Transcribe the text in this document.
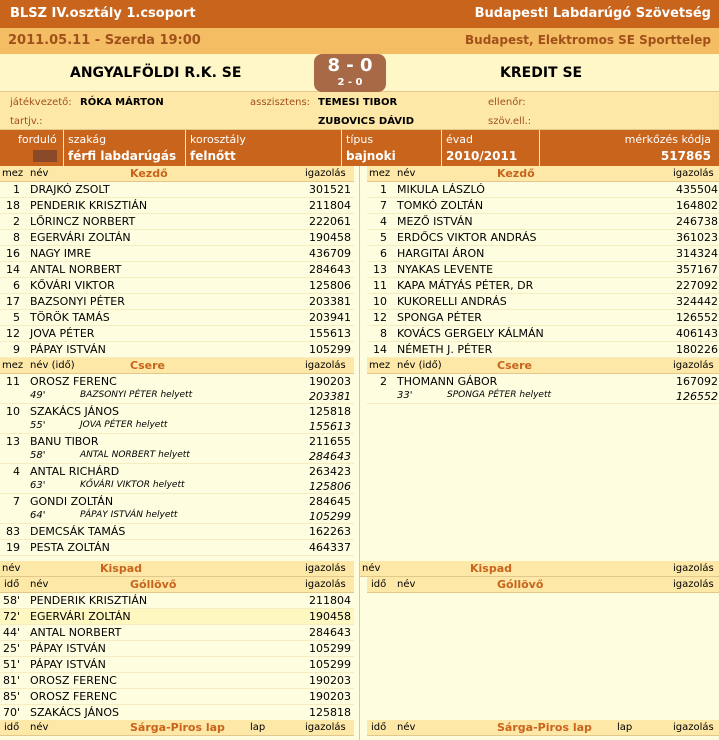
BLSZ IV.osztály 1.csoport	Budapesti Labdarúgó Szövetség
2011.05.11 - Szerda 19:00	Budapest, Elektromos SE Sporttelep
ANGYALFÖLDI R.K. SE	KREDIT SE
8 - 0
2 - 0
játékvezető: RÓKA MÁRTON	asszisztens: TEMESI TIBOR	ellenőr:
tartjv.:	ZUBOVICS DÁVID	szöv.ell.:
forduló szakág
férfi labdarúgás
korosztály
felnőtt
típus
bajnoki
évad
2010/2011
mérkőzés kódja
517865
mez név	Kezdő	igazolás
1 DRAJKÓ ZSOLT	301521
18 PENDERIK KRISZTIÁN	211804
2 LŐRINCZ NORBERT	222061
8 EGERVÁRI ZOLTÁN	190458
16 NAGY IMRE	436709
14 ANTAL NORBERT	284643
6 KŐVÁRI VIKTOR	125806
17 BAZSONYI PÉTER	203381
5 TÖRÖK TAMÁS	203941
12 JOVA PÉTER	155613
9 PÁPAY ISTVÁN	105299
mez név	Kezdő	igazolás
1 MIKULA LÁSZLÓ	435504
7 TOMKÓ ZOLTÁN	164802
4 MEZŐ ISTVÁN	246738
5 ERDŐCS VIKTOR ANDRÁS	361023
6 HARGITAI ÁRON	314324
13 NYAKAS LEVENTE	357167
11 KAPA MÁTYÁS PÉTER, DR	227092
10 KUKORELLI ANDRÁS	324442
12 SPONGA PÉTER	126552
8 KOVÁCS GERGELY KÁLMÁN	406143
14 NÉMETH J. PÉTER	180226
mez név (idő)	Csere	igazolás
11 OROSZ FERENC	190203
49'	BAZSONYI PÉTER helyett	203381
10 SZAKÁCS JÁNOS	125818
55'	JOVA PÉTER helyett	155613
13 BANU TIBOR	211655
58'	ANTAL NORBERT helyett	284643
4 ANTAL RICHÁRD	263423
63'	KŐVÁRI VIKTOR helyett	125806
7 GONDI ZOLTÁN	284645
64'	PÁPAY ISTVÁN helyett	105299
83 DEMCSÁK TAMÁS	162263
19 PESTA ZOLTÁN	464337
mez név (idő)	Csere	igazolás
2 THOMANN GÁBOR	167092
33'	SPONGA PÉTER helyett	126552
név	Kispad	igazolás név	Kispad	igazolás
idő név	Góllövő	igazolás
58' PENDERIK KRISZTIÁN	211804
72' EGERVÁRI ZOLTÁN	190458
44' ANTAL NORBERT	284643
25' PÁPAY ISTVÁN	105299
51' PÁPAY ISTVÁN	105299
81' OROSZ FERENC	190203
85' OROSZ FERENC	190203
70' SZAKÁCS JÁNOS	125818
idő név	Góllövő	igazolás
idő név	Sárga-Piros lap	lap	igazolás	idő név	Sárga-Piros lap	lap	igazolás
